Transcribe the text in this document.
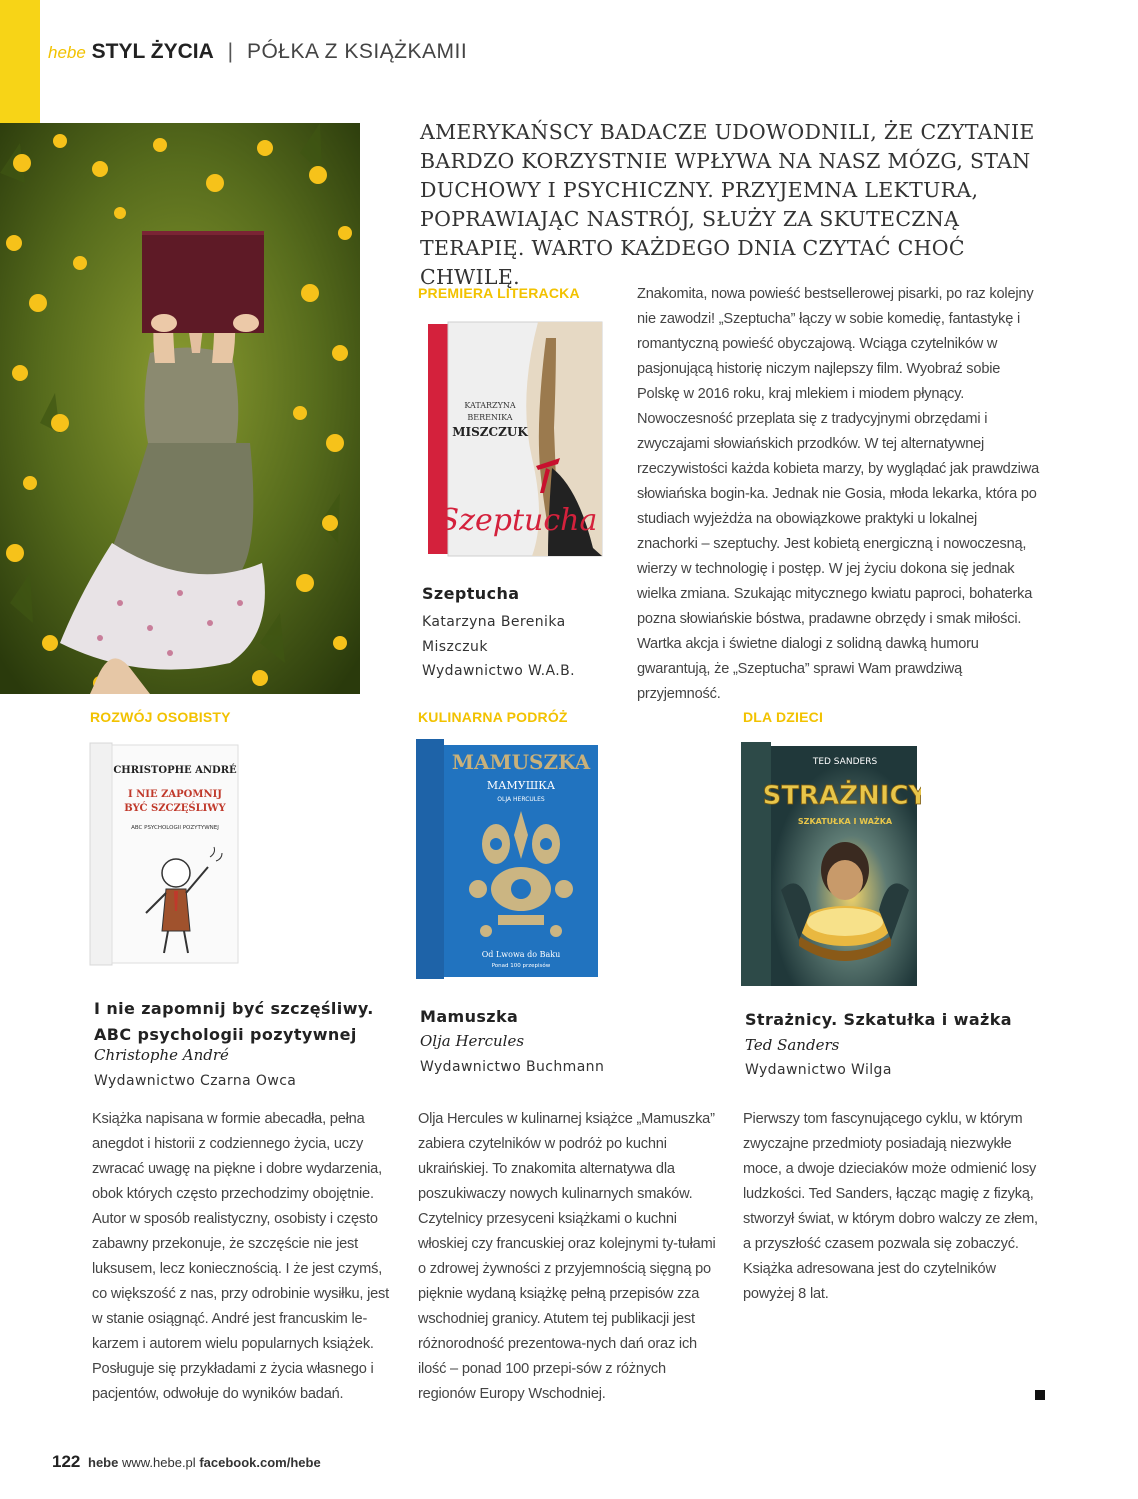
hebe STYL ŻYCIA | PÓŁKA Z KSIĄŻKAMII
AMERYKAŃSCY BADACZE UDOWODNILI, ŻE CZYTANIE BARDZO KORZYSTNIE WPŁYWA NA NASZ MÓZG, STAN DUCHOWY I PSYCHICZNY. PRZYJEMNA LEKTURA, POPRAWIAJĄC NASTRÓJ, SŁUŻY ZA SKUTECZNĄ TERAPIĘ. WARTO KAŻDEGO DNIA CZYTAĆ CHOĆ CHWILĘ.
PREMIERA LITERACKA
KATARZYNA
BERENIKA
MISZCZUK
Szeptucha
Szeptucha
Katarzyna Berenika Miszczuk
Wydawnictwo W.A.B.
Znakomita, nowa powieść bestsellerowej pisarki, po raz kolejny nie zawodzi! „Szeptucha” łączy w sobie komedię, fantastykę i romantyczną powieść obyczajową. Wciąga czytelników w pasjonującą historię niczym najlepszy film. Wyobraź sobie Polskę w 2016 roku, kraj mlekiem i miodem płynący. Nowoczesność przeplata się z tradycyjnymi obrzędami i zwyczajami słowiańskich przodków. W tej alternatywnej rzeczywistości każda kobieta marzy, by wyglądać jak prawdziwa słowiańska bogin-ka. Jednak nie Gosia, młoda lekarka, która po studiach wyjeżdża na obowiązkowe praktyki u lokalnej znachorki – szeptuchy. Jest kobietą energiczną i nowoczesną, wierzy w technologię i postęp. W jej życiu dokona się jednak wielka zmiana. Szukając mitycznego kwiatu paproci, bohaterka pozna słowiańskie bóstwa, pradawne obrzędy i smak miłości. Wartka akcja i świetne dialogi z solidną dawką humoru gwarantują, że „Szeptucha” sprawi Wam prawdziwą przyjemność.
ROZWÓJ OSOBISTY
CHRISTOPHE ANDRÉ
I NIE ZAPOMNIJ
BYĆ SZCZĘŚLIWY
ABC PSYCHOLOGII POZYTYWNEJ
I nie zapomnij być szczęśliwy.
ABC psychologii pozytywnej
Christophe André
Wydawnictwo Czarna Owca
Książka napisana w formie abecadła, pełna anegdot i historii z codziennego życia, uczy zwracać uwagę na piękne i dobre wydarzenia, obok których często przechodzimy obojętnie. Autor w sposób realistyczny, osobisty i często zabawny przekonuje, że szczęście nie jest luksusem, lecz koniecznością. I że jest czymś, co większość z nas, przy odrobinie wysiłku, jest w stanie osiągnąć. André jest francuskim le-karzem i autorem wielu popularnych książek. Posługuje się przykładami z życia własnego i pacjentów, odwołuje do wyników badań.
KULINARNA PODRÓŻ
MAMUSZKA
МАМУШКА
OLJA HERCULES
Od Lwowa do Baku
Ponad 100 przepisów
Mamuszka
Olja Hercules
Wydawnictwo Buchmann
Olja Hercules w kulinarnej książce „Mamuszka” zabiera czytelników w podróż po kuchni ukraińskiej. To znakomita alternatywa dla poszukiwaczy nowych kulinarnych smaków. Czytelnicy przesyceni książkami o kuchni włoskiej czy francuskiej oraz kolejnymi ty-tułami o zdrowej żywności z przyjemnością sięgną po pięknie wydaną książkę pełną przepisów zza wschodniej granicy. Atutem tej publikacji jest różnorodność prezentowa-nych dań oraz ich ilość – ponad 100 przepi-sów z różnych regionów Europy Wschodniej.
DLA DZIECI
TED SANDERS
STRAŻNICY
SZKATUŁKA I WAŻKA
Strażnicy. Szkatułka i ważka
Ted Sanders
Wydawnictwo Wilga
Pierwszy tom fascynującego cyklu, w którym zwyczajne przedmioty posiadają niezwykłe moce, a dwoje dzieciaków może odmienić losy ludzkości. Ted Sanders, łącząc magię z fizyką, stworzył świat, w którym dobro walczy ze złem, a przyszłość czasem pozwala się zobaczyć. Książka adresowana jest do czytelników powyżej 8 lat.
122 hebe www.hebe.pl facebook.com/hebe
